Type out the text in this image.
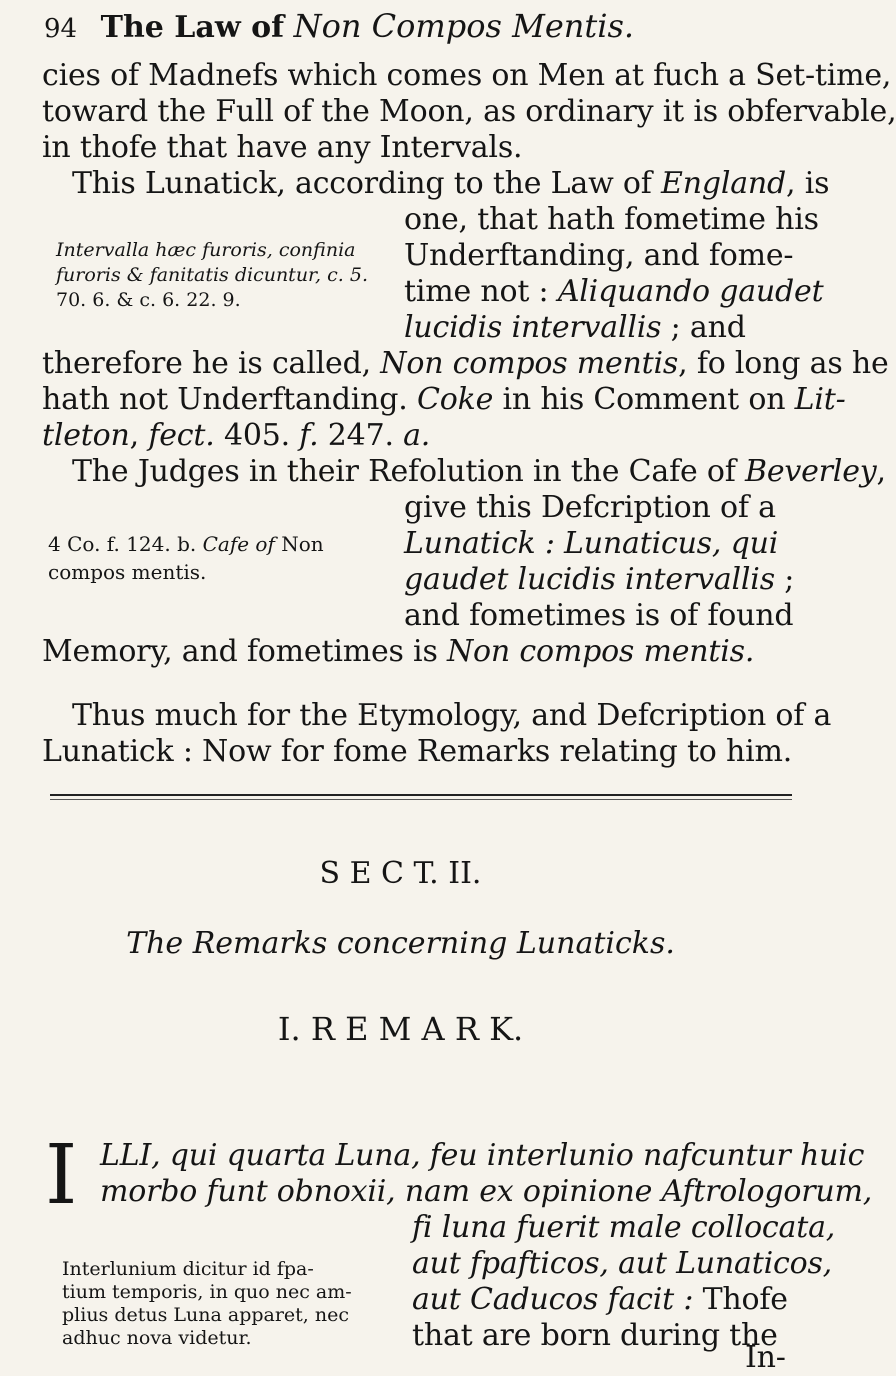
94 The Law of Non Compos Mentis.
cies of Madnefs which comes on Men at fuch a Set-time,
toward the Full of the Moon, as ordinary it is obfervable,
in thofe that have any Intervals.
This Lunatick, according to the Law of England, is
one, that hath fometime his
Underftanding, and fome-
time not : Aliquando gaudet
lucidis intervallis ; and
therefore he is called, Non compos mentis, fo long as he
hath not Underftanding. Coke in his Comment on Lit-
tleton, fect. 405. f. 247. a.
The Judges in their Refolution in the Cafe of Beverley,
give this Defcription of a
Lunatick : Lunaticus, qui
gaudet lucidis intervallis ;
and fometimes is of found
Memory, and fometimes is Non compos mentis.
Thus much for the Etymology, and Defcription of a
Lunatick : Now for fome Remarks relating to him.
Intervalla hæc furoris, confinia
furoris & fanitatis dicuntur, c. 5.
70. 6. & c. 6. 22. 9.
4 Co. f. 124. b. Cafe of Non
compos mentis.
S E C T. II.
The Remarks concerning Lunaticks.
I. R E M A R K.
I LLI, qui quarta Luna, feu interlunio nafcuntur huic
morbo funt obnoxii, nam ex opinione Aftrologorum,
fi luna fuerit male collocata,
aut fpafticos, aut Lunaticos,
aut Caducos facit : Thofe
that are born during the
In-
Interlunium dicitur id fpa-
tium temporis, in quo nec am-
plius detus Luna apparet, nec
adhuc nova videtur.
